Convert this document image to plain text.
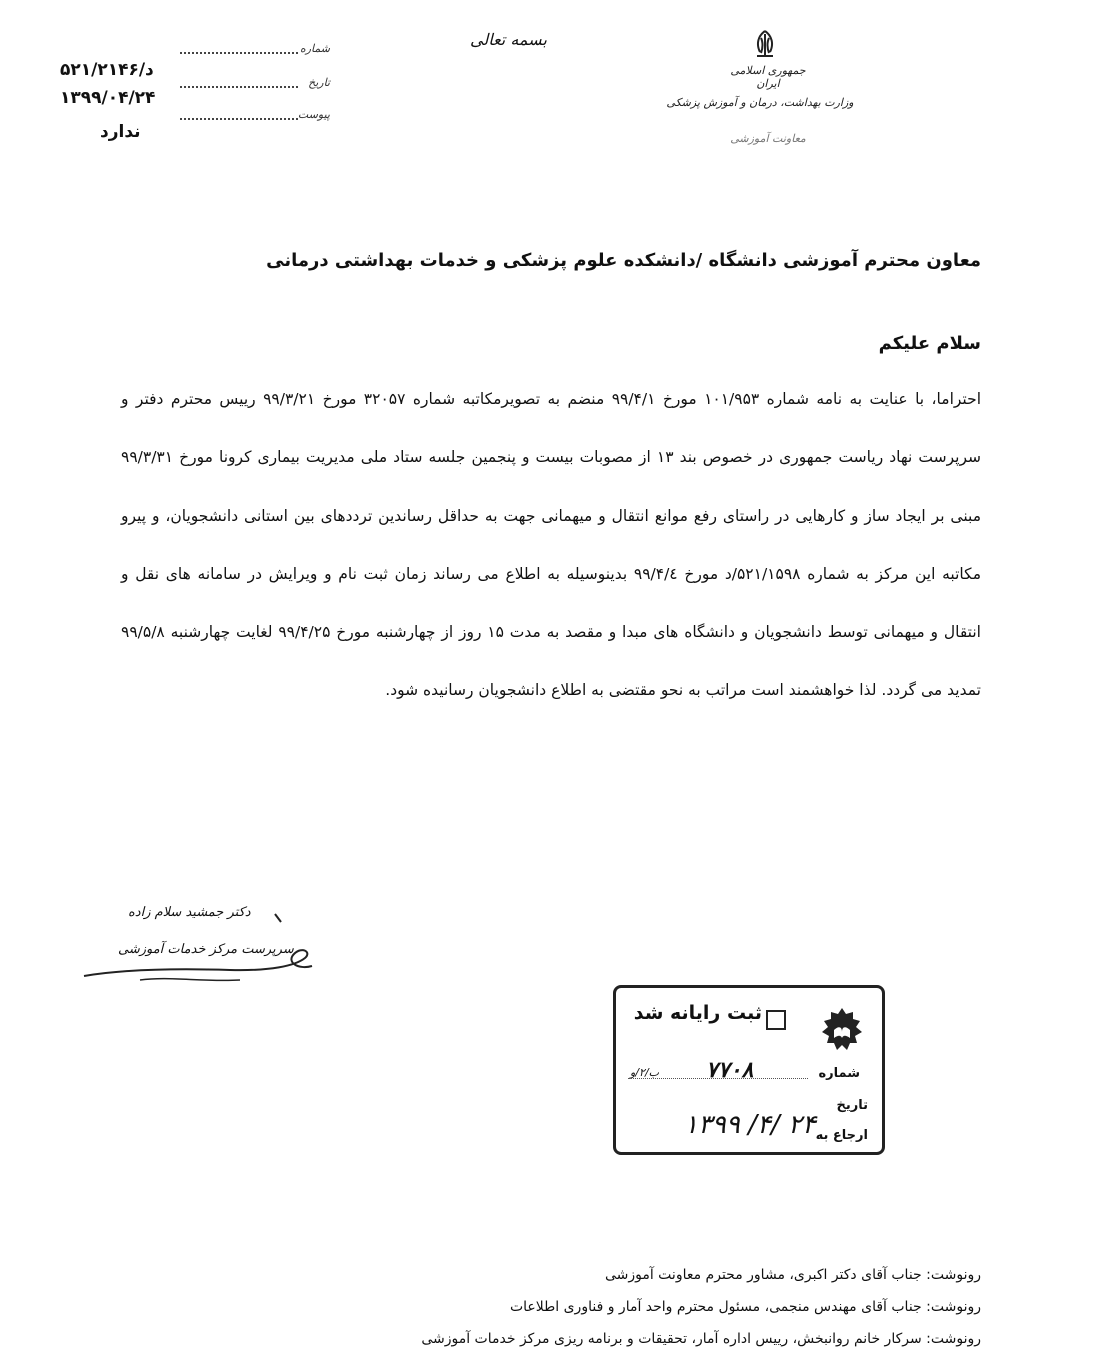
بسمه تعالی
د/۵۲۱/۲۱۴۶
۱۳۹۹/۰۴/۲۴
ندارد
شماره
تاریخ
پیوست
جمهوری اسلامی ایران
وزارت بهداشت، درمان و آموزش پزشکی
معاونت آموزشی
معاون محترم آموزشی دانشگاه /دانشکده علوم پزشکی و خدمات بهداشتی درمانی
سلام علیکم
احتراما، با عنایت به نامه شماره ۱۰۱/۹۵۳ مورخ ۹۹/۴/۱ منضم به تصویرمکاتبه شماره ۳۲۰۵۷ مورخ ۹۹/۳/۲۱ رییس محترم دفتر و سرپرست نهاد ریاست جمهوری در خصوص بند ۱۳ از مصوبات بیست و پنجمین جلسه ستاد ملی مدیریت بیماری کرونا مورخ ۹۹/۳/۳۱ مبنی بر ایجاد ساز و کارهایی در راستای رفع موانع انتقال و میهمانی جهت به حداقل رساندین ترددهای بین استانی دانشجویان، و پیرو مکاتبه این مرکز به شماره ۵۲۱/۱۵۹۸/د مورخ ۹۹/۴/٤ بدینوسیله به اطلاع می رساند زمان ثبت نام و ویرایش در سامانه های نقل و انتقال و میهمانی توسط دانشجویان و دانشگاه های مبدا و مقصد به مدت ۱۵ روز از چهارشنبه مورخ ۹۹/۴/۲۵ لغایت چهارشنبه ۹۹/۵/۸ تمدید می گردد. لذا خواهشمند است مراتب به نحو مقتضی به اطلاع دانشجویان رسانیده شود.
دکتر جمشید سلام زاده
سرپرست مرکز خدمات آموزشی
ثبت رایانه شد
شماره
۷۷۰۸
ب/۲/و
تاریخ
ارجاع به
۱۳۹۹ /۴/ ۲۴
رونوشت: جناب آقای دکتر اکبری، مشاور محترم معاونت آموزشی
رونوشت: جناب آقای مهندس منجمی، مسئول محترم واحد آمار و فناوری اطلاعات
رونوشت: سرکار خانم روانبخش، رییس اداره آمار، تحقیقات و برنامه ریزی مرکز خدمات آموزشی
